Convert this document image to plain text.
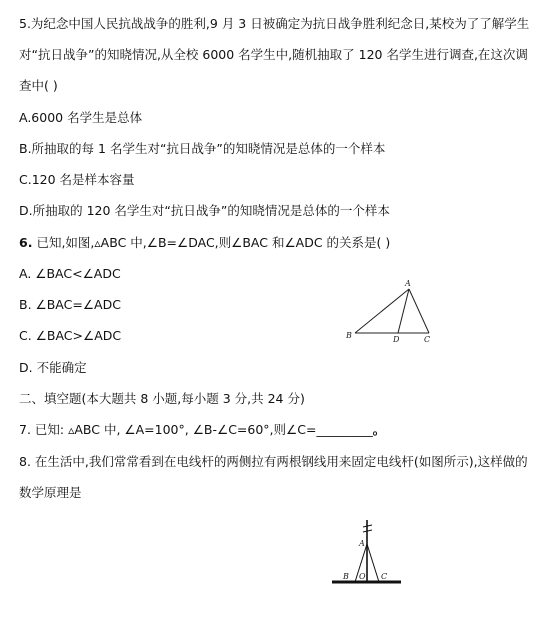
5.为纪念中国人民抗战战争的胜利,9 月 3 日被确定为抗日战争胜利纪念日,某校为了了解学生
对“抗日战争”的知晓情况,从全校 6000 名学生中,随机抽取了 120 名学生进行调查,在这次调
查中( )
A.6000 名学生是总体
B.所抽取的每 1 名学生对“抗日战争”的知晓情况是总体的一个样本
C.120 名是样本容量
D.所抽取的 120 名学生对“抗日战争”的知晓情况是总体的一个样本
6. 已知,如图,▵ABC 中,∠B=∠DAC,则∠BAC 和∠ADC 的关系是( )
A. ∠BAC<∠ADC
B. ∠BAC=∠ADC
C. ∠BAC>∠ADC
D. 不能确定
A
B	C
D
二、填空题(本大题共 8 小题,每小题 3 分,共 24 分)
7. 已知: ▵ABC 中, ∠A=100°, ∠B-∠C=60°,则∠C=_________。
8. 在生活中,我们常常看到在电线杆的两侧拉有两根钢线用来固定电线杆(如图所示),这样做的
数学原理是
A
B O C
